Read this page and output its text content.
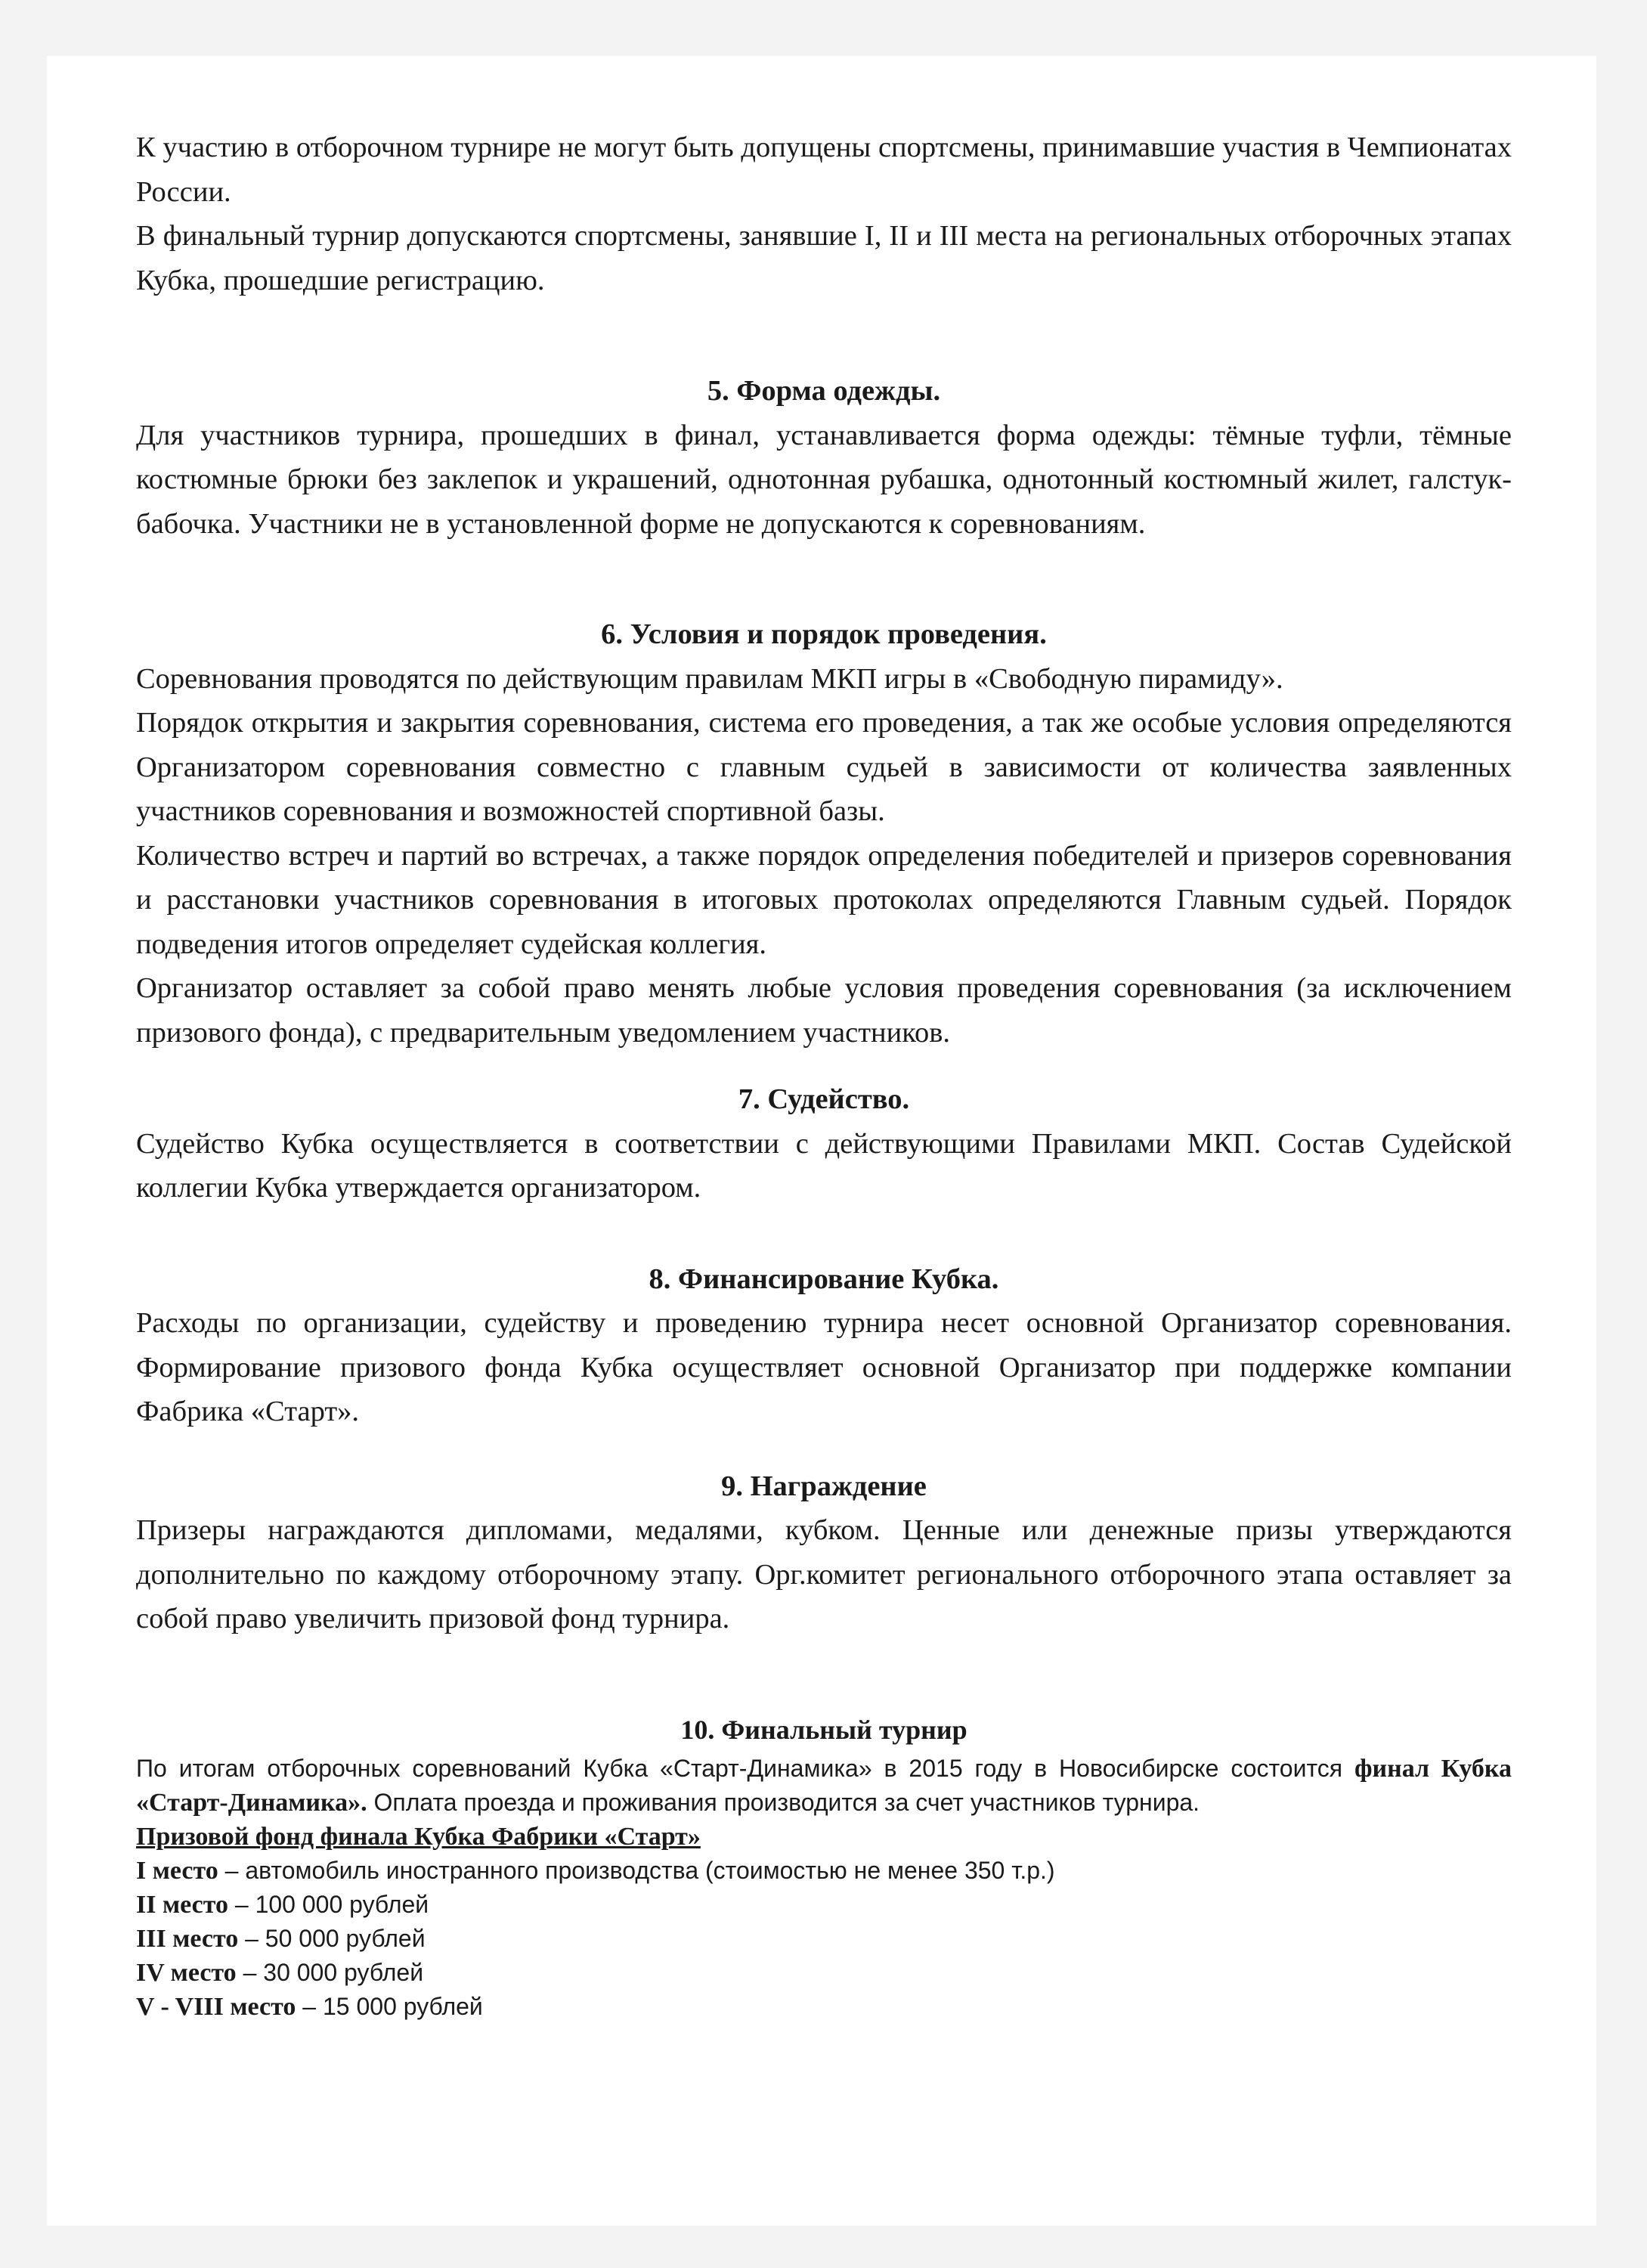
К участию в отборочном турнире не могут быть допущены спортсмены, принимавшие участия в Чемпионатах России.

В финальный турнир допускаются спортсмены, занявшие I, II и III места на региональных отборочных этапах Кубка, прошедшие регистрацию.

5. Форма одежды.

Для участников турнира, прошедших в финал, устанавливается форма одежды: тёмные туфли, тёмные костюмные брюки без заклепок и украшений, однотонная рубашка, однотонный костюмный жилет, галстук-бабочка. Участники не в установленной форме не допускаются к соревнованиям.

6. Условия и порядок проведения.

Соревнования проводятся по действующим правилам МКП игры в «Свободную пирамиду».

Порядок открытия и закрытия соревнования, система его проведения, а так же особые условия определяются Организатором соревнования совместно с главным судьей в зависимости от количества заявленных участников соревнования и возможностей спортивной базы.

Количество встреч и партий во встречах, а также порядок определения победителей и призеров соревнования и расстановки участников соревнования в итоговых протоколах определяются Главным судьей. Порядок подведения итогов определяет судейская коллегия.

Организатор оставляет за собой право менять любые условия проведения соревнования (за исключением призового фонда), с предварительным уведомлением участников.

7. Судейство.

Судейство Кубка осуществляется в соответствии с действующими Правилами МКП. Состав Судейской коллегии Кубка утверждается организатором.

8. Финансирование Кубка.

Расходы по организации, судейству и проведению турнира несет основной Организатор соревнования. Формирование призового фонда Кубка осуществляет основной Организатор при поддержке компании Фабрика «Старт».

9. Награждение

Призеры награждаются дипломами, медалями, кубком. Ценные или денежные призы утверждаются дополнительно по каждому отборочному этапу. Орг.комитет регионального отборочного этапа оставляет за собой право увеличить призовой фонд турнира.

10. Финальный турнир

По итогам отборочных соревнований Кубка «Старт-Динамика» в 2015 году в Новосибирске состоится финал Кубка «Старт-Динамика». Оплата проезда и проживания производится за счет участников турнира.

Призовой фонд финала Кубка Фабрики «Старт»
I место – автомобиль иностранного производства (стоимостью не менее 350 т.р.)
II место – 100 000 рублей
III место – 50 000 рублей
IV место – 30 000 рублей
V - VIII место – 15 000 рублей
